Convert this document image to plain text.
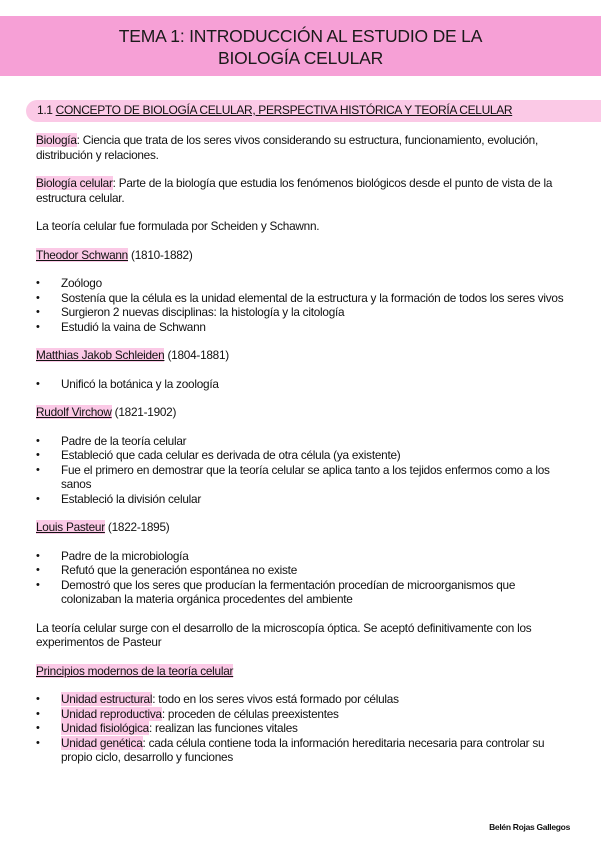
TEMA 1: INTRODUCCIÓN AL ESTUDIO DE LA
BIOLOGÍA CELULAR
1.1 CONCEPTO DE BIOLOGÍA CELULAR, PERSPECTIVA HISTÓRICA Y TEORÍA CELULAR

Biología: Ciencia que trata de los seres vivos considerando su estructura, funcionamiento, evolución, distribución y relaciones.

Biología celular: Parte de la biología que estudia los fenómenos biológicos desde el punto de vista de la estructura celular.

La teoría celular fue formulada por Scheiden y Schawnn.

Theodor Schwann (1810-1882)

• Zoólogo
• Sostenía que la célula es la unidad elemental de la estructura y la formación de todos los seres vivos
• Surgieron 2 nuevas disciplinas: la histología y la citología
• Estudió la vaina de Schwann

Matthias Jakob Schleiden (1804-1881)

• Unificó la botánica y la zoología

Rudolf Virchow (1821-1902)

• Padre de la teoría celular
• Estableció que cada celular es derivada de otra célula (ya existente)
• Fue el primero en demostrar que la teoría celular se aplica tanto a los tejidos enfermos como a los sanos
• Estableció la división celular

Louis Pasteur (1822-1895)

• Padre de la microbiología
• Refutó que la generación espontánea no existe
• Demostró que los seres que producían la fermentación procedían de microorganismos que colonizaban la materia orgánica procedentes del ambiente

La teoría celular surge con el desarrollo de la microscopía óptica. Se aceptó definitivamente con los experimentos de Pasteur

Principios modernos de la teoría celular

• Unidad estructural: todo en los seres vivos está formado por células
• Unidad reproductiva: proceden de células preexistentes
• Unidad fisiológica: realizan las funciones vitales
• Unidad genética: cada célula contiene toda la información hereditaria necesaria para controlar su propio ciclo, desarrollo y funciones
Belén Rojas Gallegos
